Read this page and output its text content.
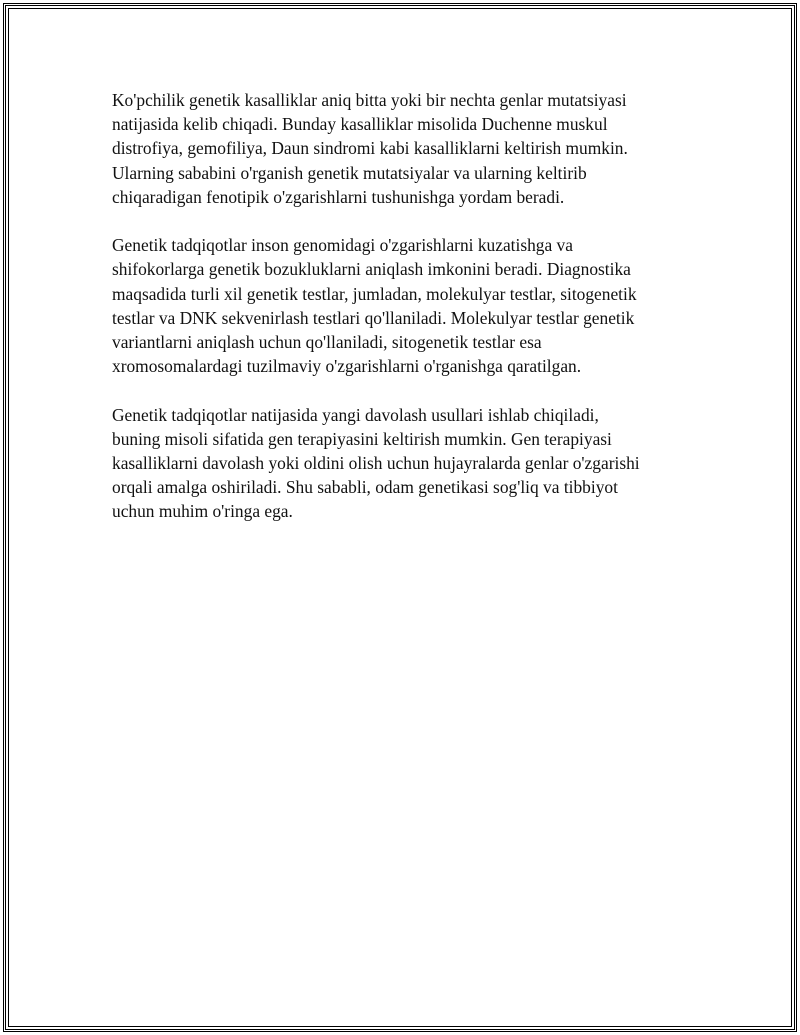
Ko'pchilik genetik kasalliklar aniq bitta yoki bir nechta genlar mutatsiyasi
natijasida kelib chiqadi. Bunday kasalliklar misolida Duchenne muskul
distrofiya, gemofiliya, Daun sindromi kabi kasalliklarni keltirish mumkin.
Ularning sababini o'rganish genetik mutatsiyalar va ularning keltirib
chiqaradigan fenotipik o'zgarishlarni tushunishga yordam beradi.

Genetik tadqiqotlar inson genomidagi o'zgarishlarni kuzatishga va
shifokorlarga genetik bozukluklarni aniqlash imkonini beradi. Diagnostika
maqsadida turli xil genetik testlar, jumladan, molekulyar testlar, sitogenetik
testlar va DNK sekvenirlash testlari qo'llaniladi. Molekulyar testlar genetik
variantlarni aniqlash uchun qo'llaniladi, sitogenetik testlar esa
xromosomalardagi tuzilmaviy o'zgarishlarni o'rganishga qaratilgan.

Genetik tadqiqotlar natijasida yangi davolash usullari ishlab chiqiladi,
buning misoli sifatida gen terapiyasini keltirish mumkin. Gen terapiyasi
kasalliklarni davolash yoki oldini olish uchun hujayralarda genlar o'zgarishi
orqali amalga oshiriladi. Shu sababli, odam genetikasi sog'liq va tibbiyot
uchun muhim o'ringa ega.
